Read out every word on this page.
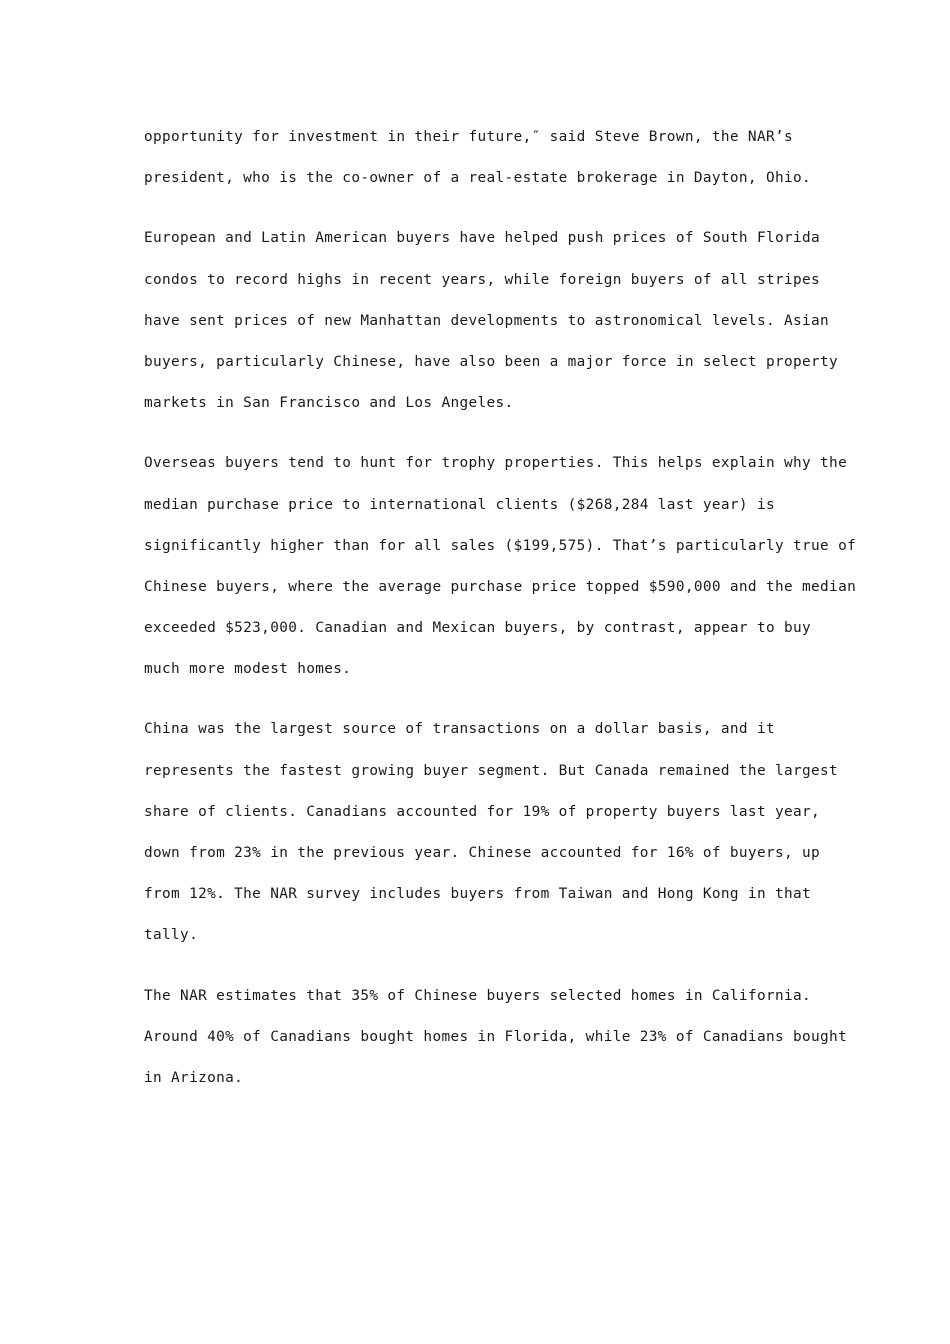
opportunity for investment in their future,″ said Steve Brown, the NAR’s
president, who is the co-owner of a real-estate brokerage in Dayton, Ohio.

European and Latin American buyers have helped push prices of South Florida
condos to record highs in recent years, while foreign buyers of all stripes
have sent prices of new Manhattan developments to astronomical levels. Asian
buyers, particularly Chinese, have also been a major force in select property
markets in San Francisco and Los Angeles.

Overseas buyers tend to hunt for trophy properties. This helps explain why the
median purchase price to international clients ($268,284 last year) is
significantly higher than for all sales ($199,575). That’s particularly true of
Chinese buyers, where the average purchase price topped $590,000 and the median
exceeded $523,000. Canadian and Mexican buyers, by contrast, appear to buy
much more modest homes.

China was the largest source of transactions on a dollar basis, and it
represents the fastest growing buyer segment. But Canada remained the largest
share of clients. Canadians accounted for 19% of property buyers last year,
down from 23% in the previous year. Chinese accounted for 16% of buyers, up
from 12%. The NAR survey includes buyers from Taiwan and Hong Kong in that
tally.

The NAR estimates that 35% of Chinese buyers selected homes in California.
Around 40% of Canadians bought homes in Florida, while 23% of Canadians bought
in Arizona.
